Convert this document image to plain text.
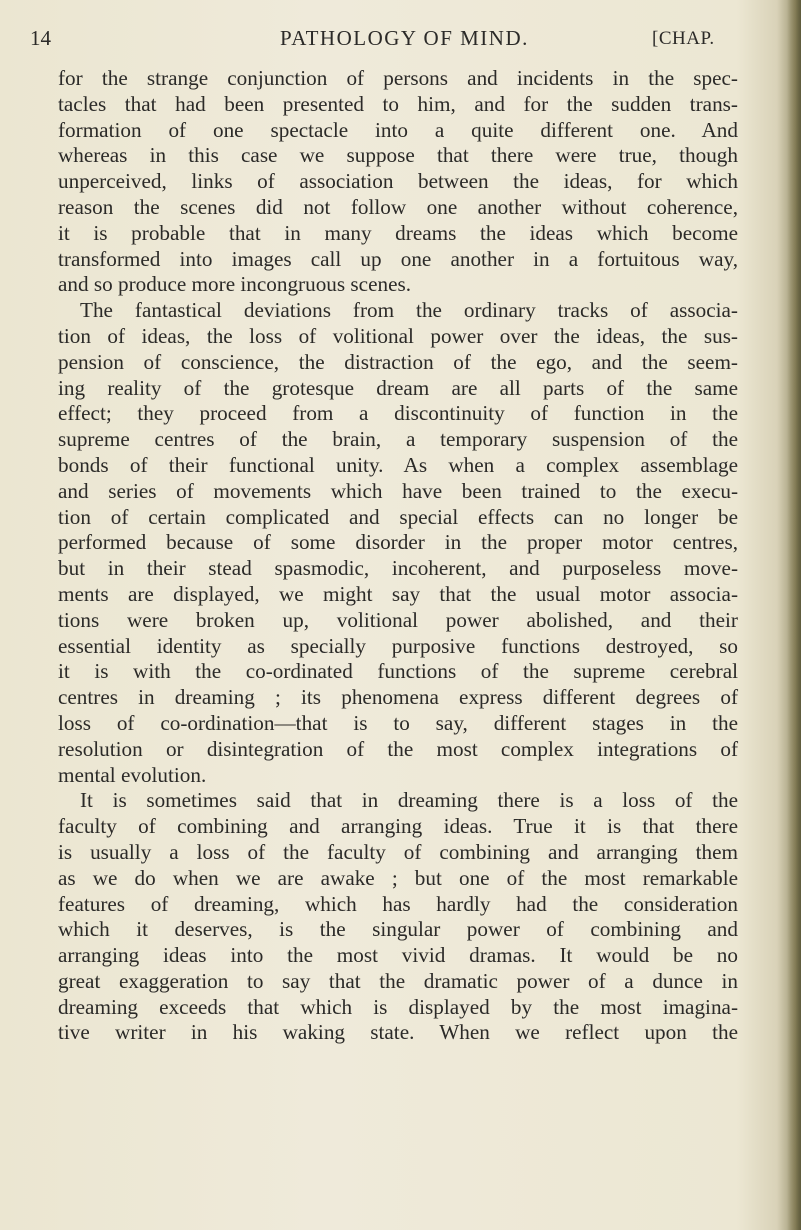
14	PATHOLOGY OF MIND.	[CHAP.
for the strange conjunction of persons and incidents in the spec-
tacles that had been presented to him, and for the sudden trans-
formation of one spectacle into a quite different one. And
whereas in this case we suppose that there were true, though
unperceived, links of association between the ideas, for which
reason the scenes did not follow one another without coherence,
it is probable that in many dreams the ideas which become
transformed into images call up one another in a fortuitous way,
and so produce more incongruous scenes.
The fantastical deviations from the ordinary tracks of associa-
tion of ideas, the loss of volitional power over the ideas, the sus-
pension of conscience, the distraction of the ego, and the seem-
ing reality of the grotesque dream are all parts of the same
effect; they proceed from a discontinuity of function in the
supreme centres of the brain, a temporary suspension of the
bonds of their functional unity. As when a complex assemblage
and series of movements which have been trained to the execu-
tion of certain complicated and special effects can no longer be
performed because of some disorder in the proper motor centres,
but in their stead spasmodic, incoherent, and purposeless move-
ments are displayed, we might say that the usual motor associa-
tions were broken up, volitional power abolished, and their
essential identity as specially purposive functions destroyed, so
it is with the co-ordinated functions of the supreme cerebral
centres in dreaming ; its phenomena express different degrees of
loss of co-ordination—that is to say, different stages in the
resolution or disintegration of the most complex integrations of
mental evolution.
It is sometimes said that in dreaming there is a loss of the
faculty of combining and arranging ideas. True it is that there
is usually a loss of the faculty of combining and arranging them
as we do when we are awake ; but one of the most remarkable
features of dreaming, which has hardly had the consideration
which it deserves, is the singular power of combining and
arranging ideas into the most vivid dramas. It would be no
great exaggeration to say that the dramatic power of a dunce in
dreaming exceeds that which is displayed by the most imagina-
tive writer in his waking state. When we reflect upon the
